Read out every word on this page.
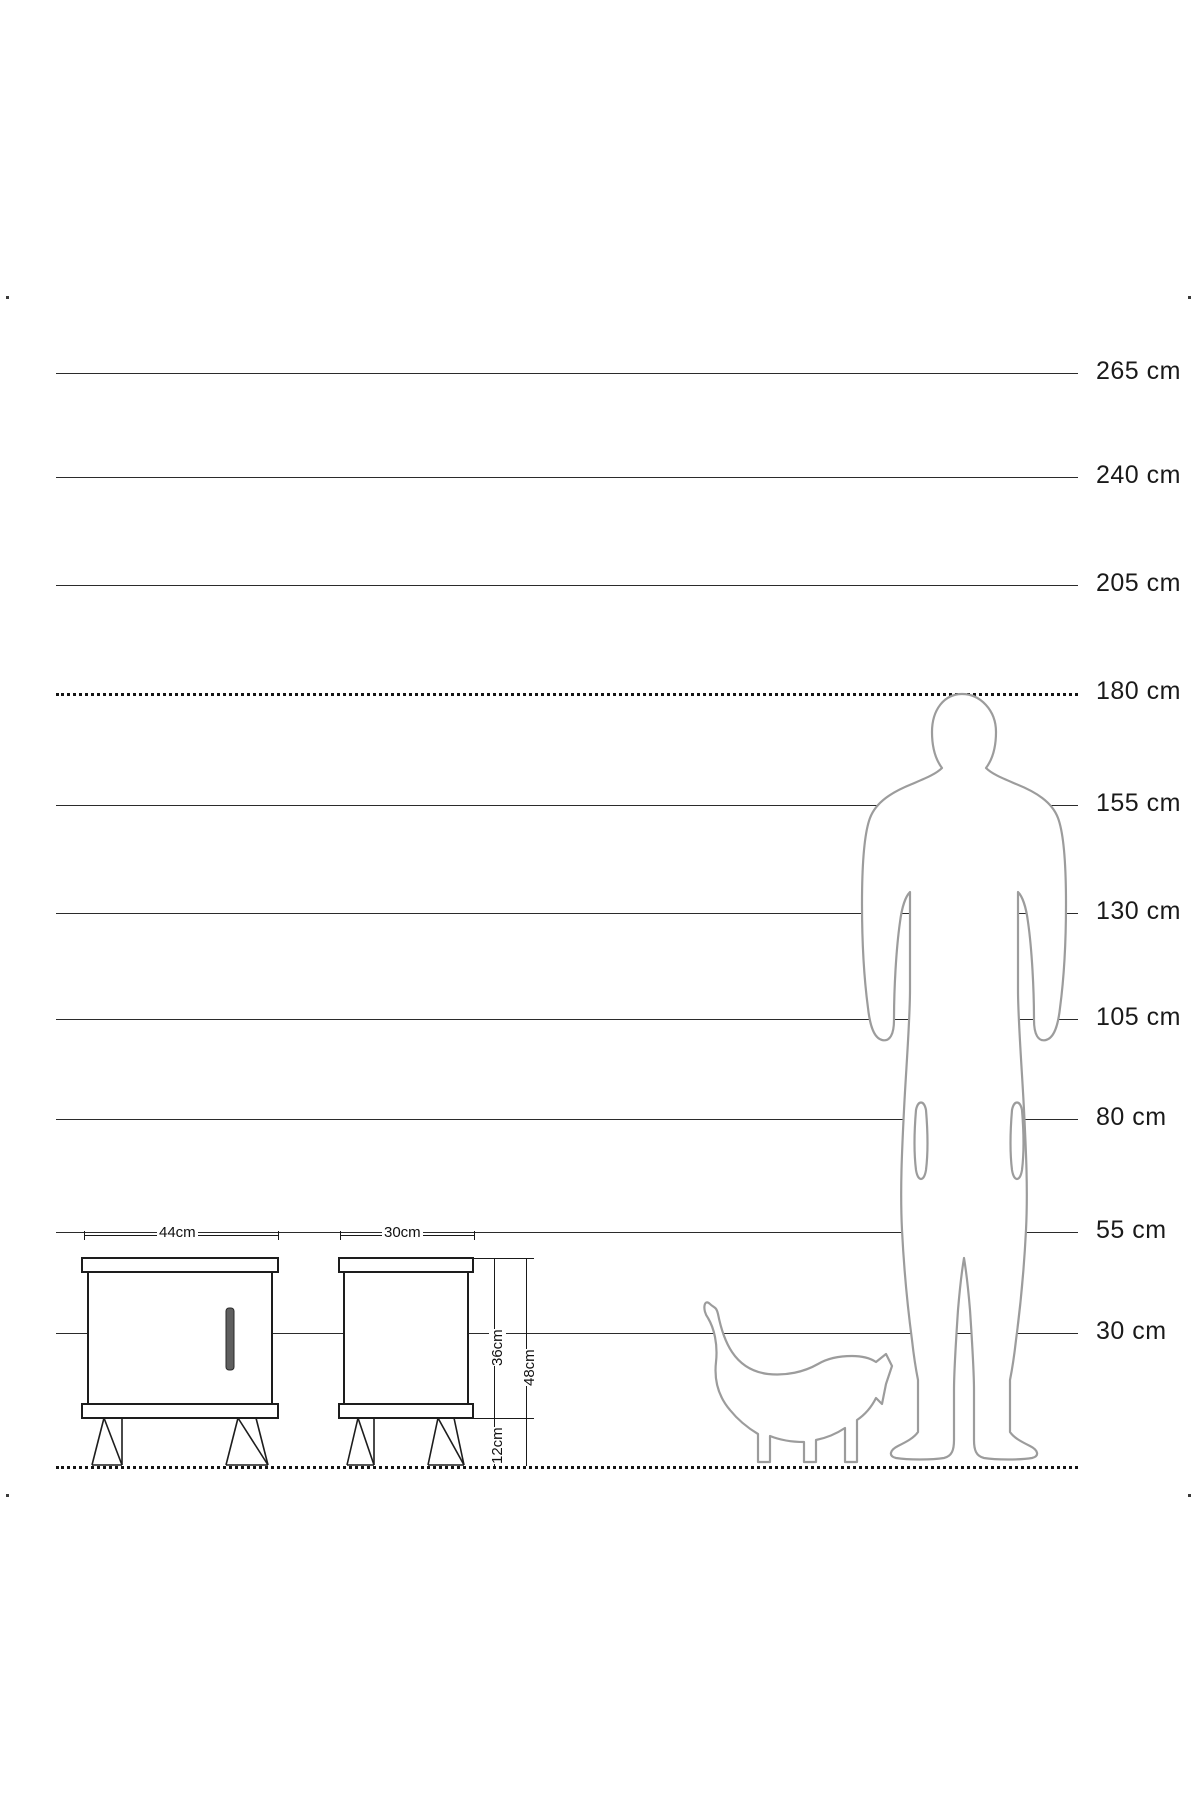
265 cm
240 cm
205 cm
180 cm
155 cm
130 cm
105 cm
80 cm
55 cm
30 cm
44cm	30cm
36cm
12cm
48cm
